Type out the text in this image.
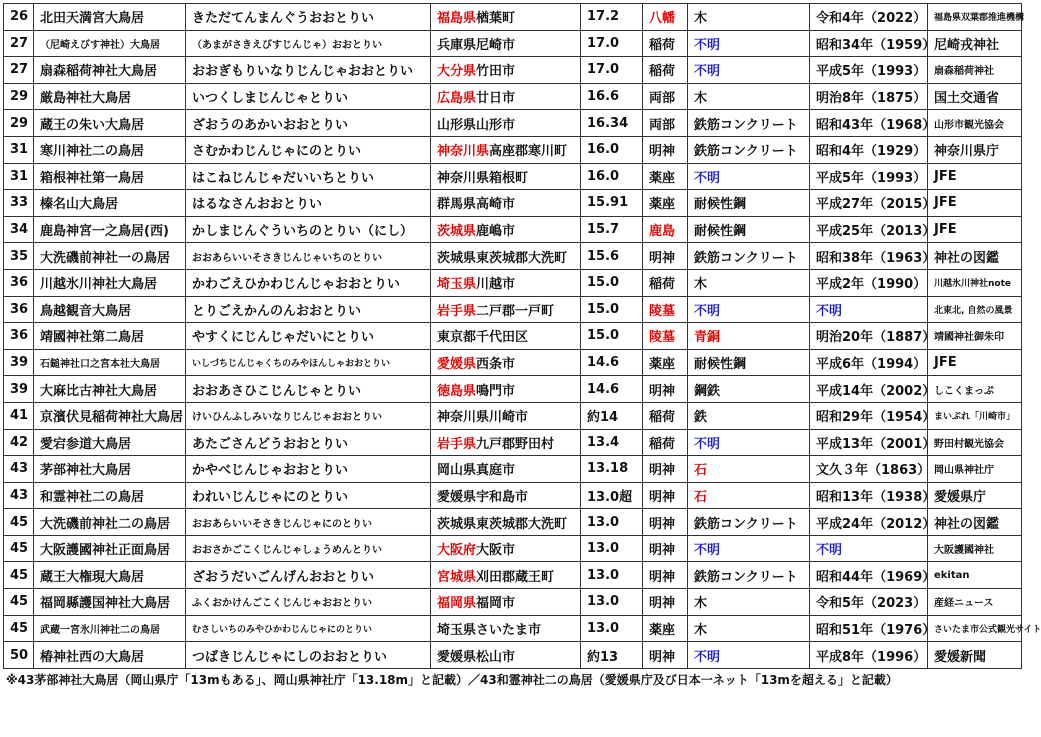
26	北田天満宮大鳥居	きただてんまんぐうおおとりい	福島県楢葉町	17.2	八幡	木	令和4年（2022）	福島県双葉郡推進機構
27	（尼崎えびす神社）大鳥居	（あまがさきえびすじんじゃ）おおとりい	兵庫県尼崎市	17.0	稲荷	不明	昭和34年（1959）	尼崎戎神社
27	扇森稲荷神社大鳥居	おおぎもりいなりじんじゃおおとりい	大分県竹田市	17.0	稲荷	不明	平成5年（1993）	扇森稲荷神社
29	厳島神社大鳥居	いつくしまじんじゃとりい	広島県廿日市	16.6	両部	木	明治8年（1875）	国土交通省
29	蔵王の朱い大鳥居	ざおうのあかいおおとりい	山形県山形市	16.34	両部	鉄筋コンクリート	昭和43年（1968）	山形市観光協会
31	寒川神社二の鳥居	さむかわじんじゃにのとりい	神奈川県高座郡寒川町	16.0	明神	鉄筋コンクリート	昭和4年（1929）	神奈川県庁
31	箱根神社第一鳥居	はこねじんじゃだいいちとりい	神奈川県箱根町	16.0	薬座	不明	平成5年（1993）	JFE
33	榛名山大鳥居	はるなさんおおとりい	群馬県高崎市	15.91	薬座	耐候性鋼	平成27年（2015）	JFE
34	鹿島神宮一之鳥居(西)	かしまじんぐういちのとりい（にし）	茨城県鹿嶋市	15.7	鹿島	耐候性鋼	平成25年（2013）	JFE
35	大洗磯前神社一の鳥居	おおあらいいそさきじんじゃいちのとりい	茨城県東茨城郡大洗町	15.6	明神	鉄筋コンクリート	昭和38年（1963）	神社の図鑑
36	川越氷川神社大鳥居	かわごえひかわじんじゃおおとりい	埼玉県川越市	15.0	稲荷	木	平成2年（1990）	川越氷川神社note
36	鳥越観音大鳥居	とりごえかんのんおおとりい	岩手県二戸郡一戸町	15.0	陵墓	不明	不明	北東北, 自然の風景
36	靖國神社第二鳥居	やすくにじんじゃだいにとりい	東京都千代田区	15.0	陵墓	青銅	明治20年（1887）	靖國神社御朱印
39	石鎚神社口之宮本社大鳥居	いしづちじんじゃくちのみやほんしゃおおとりい	愛媛県西条市	14.6	薬座	耐候性鋼	平成6年（1994）	JFE
39	大麻比古神社大鳥居	おおあさひこじんじゃとりい	徳島県鳴門市	14.6	明神	鋼鉄	平成14年（2002）	しこくまっぷ
41	京濱伏見稲荷神社大鳥居	けいひんふしみいなりじんじゃおおとりい	神奈川県川崎市	約14	稲荷	鉄	昭和29年（1954）	まいぷれ「川崎市」
42	愛宕参道大鳥居	あたごさんどうおおとりい	岩手県九戸郡野田村	13.4	稲荷	不明	平成13年（2001）	野田村観光協会
43	茅部神社大鳥居	かやべじんじゃおおとりい	岡山県真庭市	13.18	明神	石	文久３年（1863）	岡山県神社庁
43	和霊神社二の鳥居	われいじんじゃにのとりい	愛媛県宇和島市	13.0超	明神	石	昭和13年（1938）	愛媛県庁
45	大洗磯前神社二の鳥居	おおあらいいそさきじんじゃにのとりい	茨城県東茨城郡大洗町	13.0	明神	鉄筋コンクリート	平成24年（2012）	神社の図鑑
45	大阪護國神社正面鳥居	おおさかごこくじんじゃしょうめんとりい	大阪府大阪市	13.0	明神	不明	不明	大阪護國神社
45	蔵王大権現大鳥居	ざおうだいごんげんおおとりい	宮城県刈田郡蔵王町	13.0	明神	鉄筋コンクリート	昭和44年（1969）	ekitan
45	福岡縣護国神社大鳥居	ふくおかけんごこくじんじゃおおとりい	福岡県福岡市	13.0	明神	木	令和5年（2023）	産経ニュース
45	武蔵一宮氷川神社二の鳥居	むさしいちのみやひかわじんじゃにのとりい	埼玉県さいたま市	13.0	薬座	木	昭和51年（1976）	さいたま市公式観光サイト
50	椿神社西の大鳥居	つばきじんじゃにしのおおとりい	愛媛県松山市	約13	明神	不明	平成8年（1996）	愛媛新聞
※43茅部神社大鳥居（岡山県庁「13mもある」、岡山県神社庁「13.18m」と記載）／43和霊神社二の鳥居（愛媛県庁及び日本一ネット「13mを超える」と記載）
